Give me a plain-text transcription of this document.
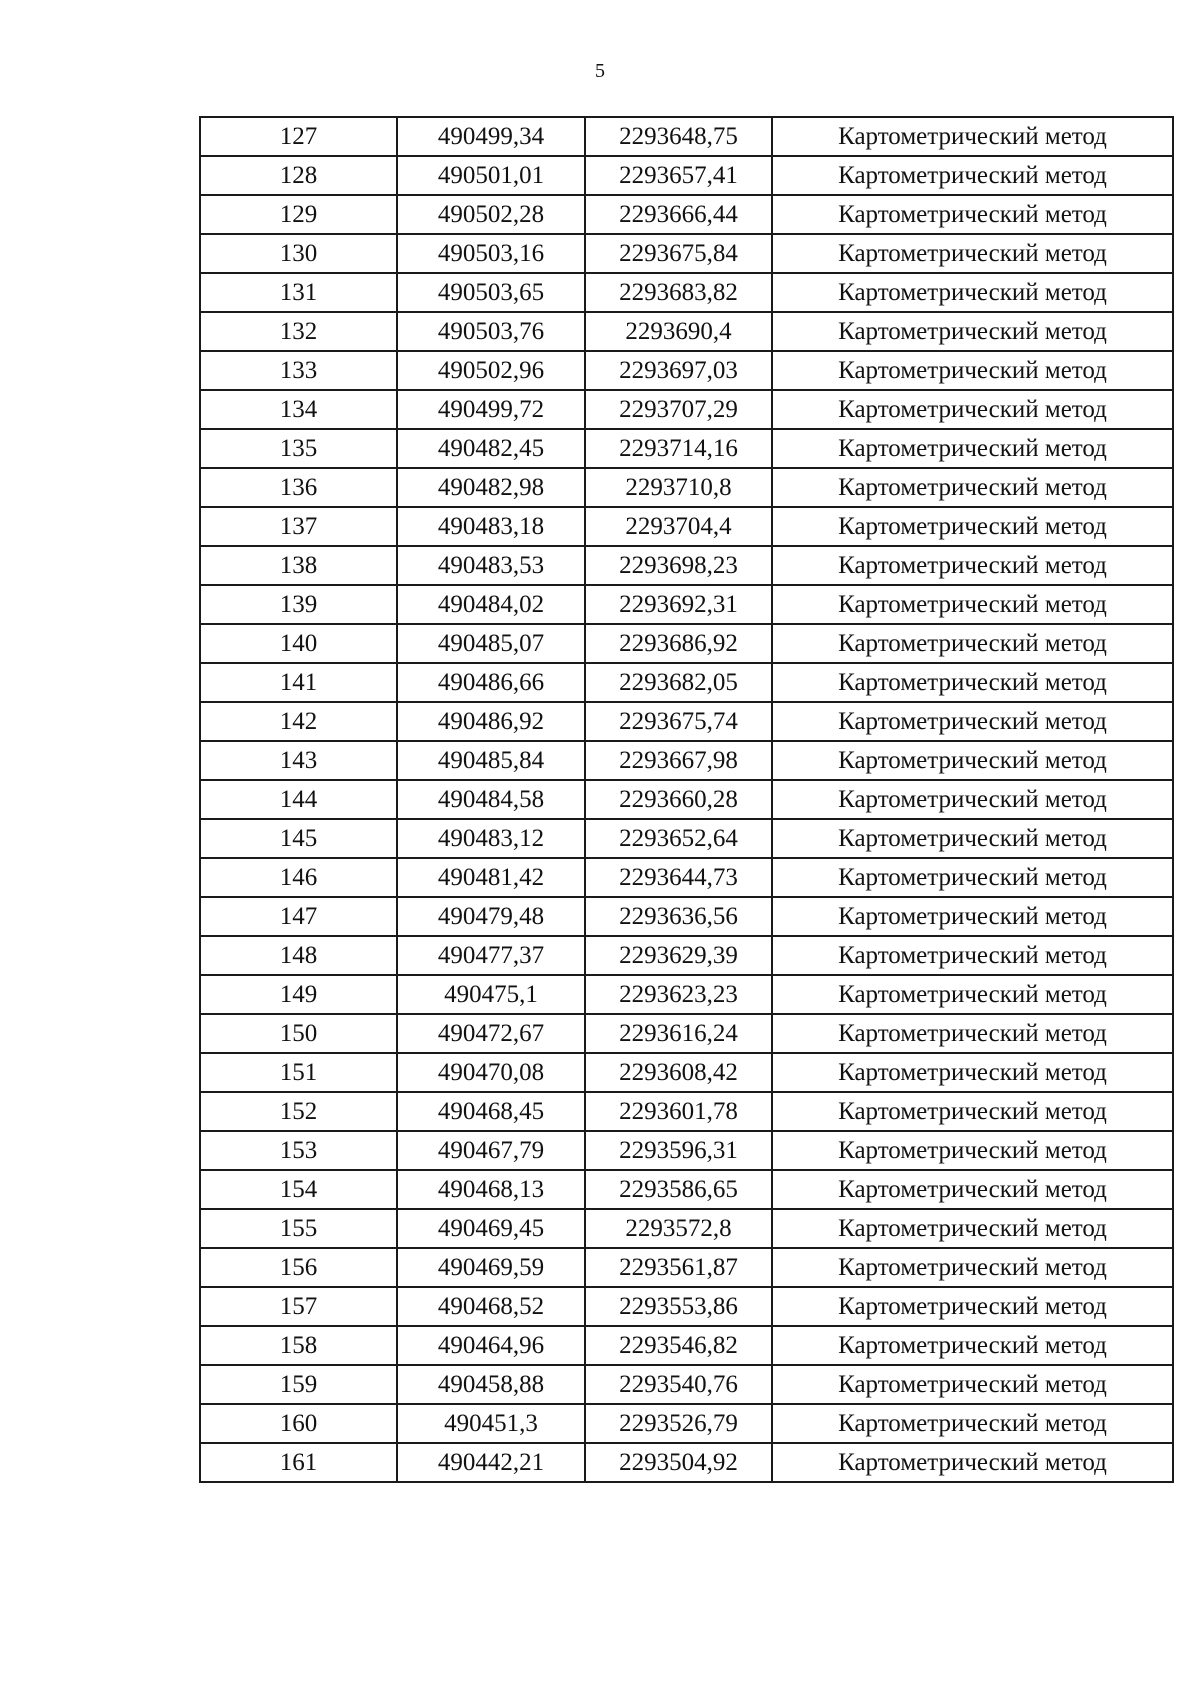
5
127	490499,34	2293648,75	Картометрический метод
128	490501,01	2293657,41	Картометрический метод
129	490502,28	2293666,44	Картометрический метод
130	490503,16	2293675,84	Картометрический метод
131	490503,65	2293683,82	Картометрический метод
132	490503,76	2293690,4	Картометрический метод
133	490502,96	2293697,03	Картометрический метод
134	490499,72	2293707,29	Картометрический метод
135	490482,45	2293714,16	Картометрический метод
136	490482,98	2293710,8	Картометрический метод
137	490483,18	2293704,4	Картометрический метод
138	490483,53	2293698,23	Картометрический метод
139	490484,02	2293692,31	Картометрический метод
140	490485,07	2293686,92	Картометрический метод
141	490486,66	2293682,05	Картометрический метод
142	490486,92	2293675,74	Картометрический метод
143	490485,84	2293667,98	Картометрический метод
144	490484,58	2293660,28	Картометрический метод
145	490483,12	2293652,64	Картометрический метод
146	490481,42	2293644,73	Картометрический метод
147	490479,48	2293636,56	Картометрический метод
148	490477,37	2293629,39	Картометрический метод
149	490475,1	2293623,23	Картометрический метод
150	490472,67	2293616,24	Картометрический метод
151	490470,08	2293608,42	Картометрический метод
152	490468,45	2293601,78	Картометрический метод
153	490467,79	2293596,31	Картометрический метод
154	490468,13	2293586,65	Картометрический метод
155	490469,45	2293572,8	Картометрический метод
156	490469,59	2293561,87	Картометрический метод
157	490468,52	2293553,86	Картометрический метод
158	490464,96	2293546,82	Картометрический метод
159	490458,88	2293540,76	Картометрический метод
160	490451,3	2293526,79	Картометрический метод
161	490442,21	2293504,92	Картометрический метод
